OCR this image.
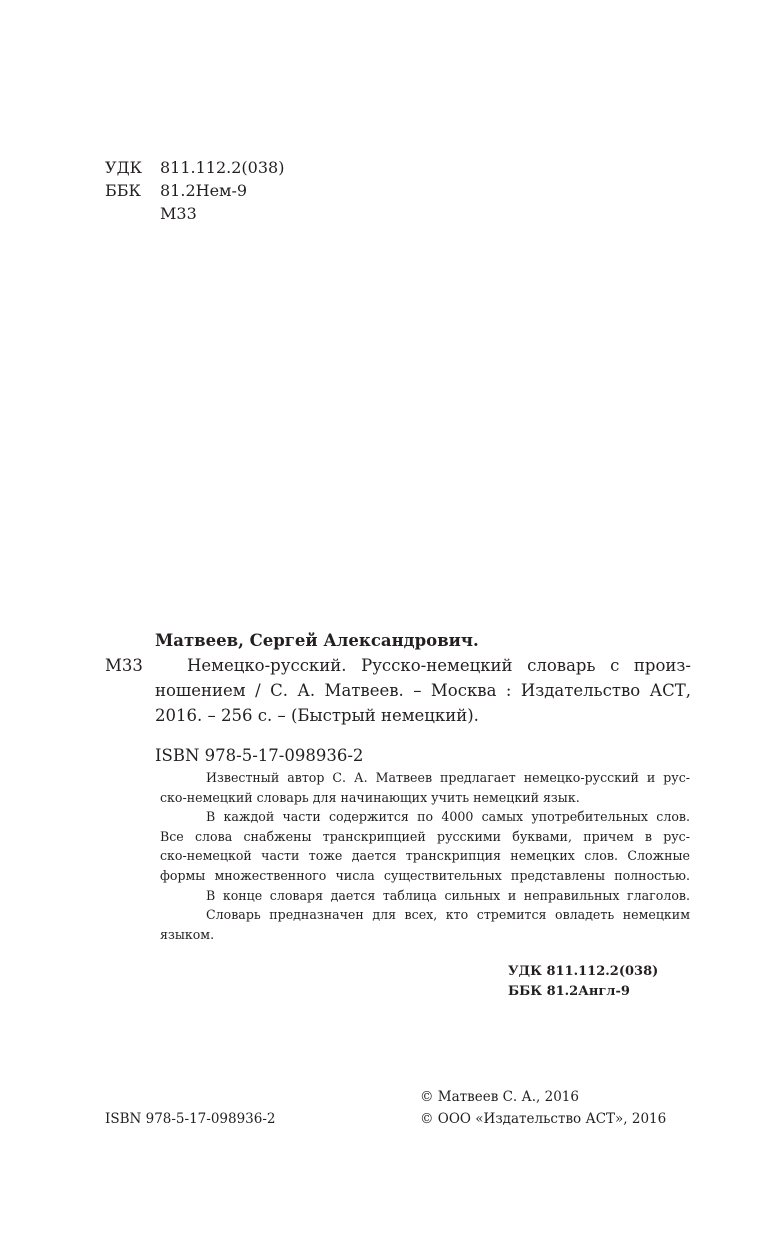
УДК 811.112.2(038)
ББК 81.2Нем-9
М33
Матвеев, Сергей Александрович.
Немецко-русский. Русско-немецкий словарь с произ-
ношением / С. А. Матвеев. – Москва : Издательство АСТ,
2016. – 256 с. – (Быстрый немецкий).
ISBN 978-5-17-098936-2
М33
Известный автор С. А. Матвеев предлагает немецко-русский и рус-
ско-немецкий словарь для начинающих учить немецкий язык.
В каждой части содержится по 4000 самых употребительных слов.
Все слова снабжены транскрипцией русскими буквами, причем в рус-
ско-немецкой части тоже дается транскрипция немецких слов. Сложные
формы множественного числа существительных представлены полностью.
В конце словаря дается таблица сильных и неправильных глаголов.
Словарь предназначен для всех, кто стремится овладеть немецким
языком.
УДК 811.112.2(038)
ББК 81.2Англ-9
© Матвеев С. А., 2016
© ООО «Издательство АСТ», 2016
ISBN 978-5-17-098936-2
